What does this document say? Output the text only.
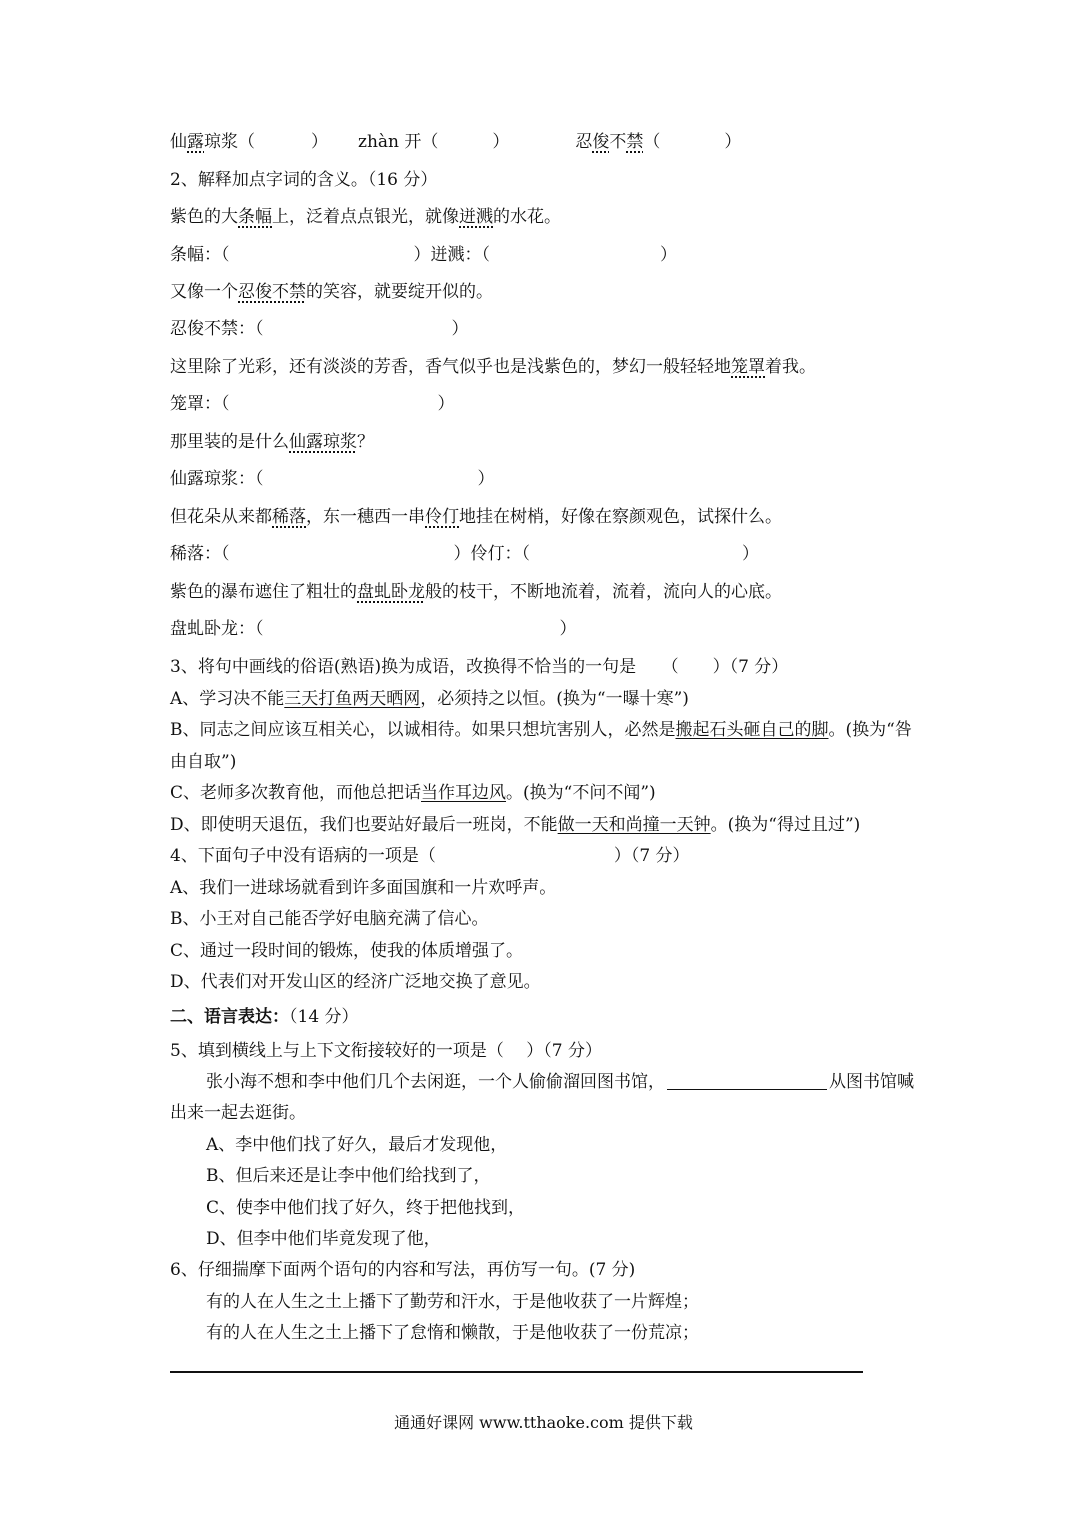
仙露琼浆（	） zhàn 开（	）	忍俊不禁（	）
2、解释加点字词的含义。（16 分）
紫色的大条幅上，泛着点点银光，就像迸溅的水花。
条幅：（	）迸溅：（	）
又像一个忍俊不禁的笑容，就要绽开似的。
忍俊不禁：（	）
这里除了光彩，还有淡淡的芳香，香气似乎也是浅紫色的，梦幻一般轻轻地笼罩着我。
笼罩：（	）
那里装的是什么仙露琼浆？
仙露琼浆：（	）
但花朵从来都稀落，东一穗西一串伶仃地挂在树梢，好像在察颜观色，试探什么。
稀落：（	）伶仃：（	）
紫色的瀑布遮住了粗壮的盘虬卧龙般的枝干，不断地流着，流着，流向人的心底。
盘虬卧龙：（	）
3、将句中画线的俗语(熟语)换为成语，改换得不恰当的一句是　　（　　）（7 分）
A、学习决不能三天打鱼两天晒网，必须持之以恒。(换为“一曝十寒”)
B、同志之间应该互相关心，以诚相待。如果只想坑害别人，必然是搬起石头砸自己的脚。(换为“咎
由自取”)
C、老师多次教育他，而他总把话当作耳边风。(换为“不问不闻”)
D、即使明天退伍，我们也要站好最后一班岗，不能做一天和尚撞一天钟。(换为“得过且过”)
4、下面句子中没有语病的一项是（	）（7 分）
A、我们一进球场就看到许多面国旗和一片欢呼声。
B、小王对自己能否学好电脑充满了信心。
C、通过一段时间的锻炼，使我的体质增强了。
D、代表们对开发山区的经济广泛地交换了意见。
二、语言表达：（14 分）
5、填到横线上与上下文衔接较好的一项是（　 ）（7 分）
张小海不想和李中他们几个去闲逛，一个人偷偷溜回图书馆，	从图书馆喊
出来一起去逛街。
A、李中他们找了好久，最后才发现他，
B、但后来还是让李中他们给找到了，
C、使李中他们找了好久，终于把他找到，
D、但李中他们毕竟发现了他，
6、仔细揣摩下面两个语句的内容和写法，再仿写一句。(7 分)
有的人在人生之土上播下了勤劳和汗水，于是他收获了一片辉煌；
有的人在人生之土上播下了怠惰和懒散，于是他收获了一份荒凉；
通通好课网 www.tthaoke.com 提供下载
